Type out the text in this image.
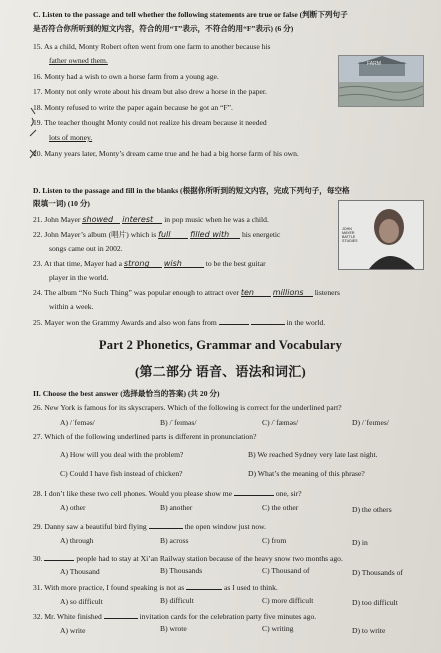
C. Listen to the passage and tell whether the following statements are true or false (判断下列句子
是否符合你所听到的短文内容，符合的用“T”表示，不符合的用“F”表示) (6 分)
15. As a child, Monty Robert often went from one farm to another because his
father owned them.
16. Monty had a wish to own a horse farm from a young age.
17. Monty not only wrote about his dream but also drew a horse in the paper.
18. Monty refused to write the paper again because he got an “F”.
19. The teacher thought Monty could not realize his dream because it needed
lots of money.
20. Many years later, Monty’s dream came true and he had a big horse farm of his own.
FARM
D. Listen to the passage and fill in the blanks (根据你所听到的短文内容，完成下列句子，每空格
限填一词) (10 分)
21. John Mayer showed interest in pop music when he was a child.
22. John Mayer’s album (唱片) which is full filled with his energetic
songs came out in 2002.
23. At that time, Mayer had a strong wish	to be the best guitar
player in the world.
24. The album “No Such Thing” was popular enough to attract over ten millions listeners
within a week.
25. Mayer won the Grammy Awards and also won fans from	in the world.
JOHN MAYER BATTLE STUDIES
Part 2 Phonetics, Grammar and Vocabulary
(第二部分 语音、语法和词汇)
II. Choose the best answer (选择最恰当的答案) (共 20 分)
26. New York is famous for its skyscrapers. Which of the following is correct for the underlined part?
A) /ˈfeməs/	B) /ˈfeɪməs/	C) /ˈfæməs/	D) /ˈfeɪmes/
27. Which of the following underlined parts is different in pronunciation?
A) How will you deal with the problem?	B) We reached Sydney very late last night.
C) Could I have fish instead of chicken?	D) What’s the meaning of this phrase?
28. I don’t like these two cell phones. Would you please show me	one, sir?
A) other	B) another	C) the other	D) the others
29. Danny saw a beautiful bird flying	the open window just now.
A) through	B) across	C) from	D) in
30.	people had to stay at Xi’an Railway station because of the heavy snow two months ago.
A) Thousand	B) Thousands	C) Thousand of	D) Thousands of
31. With more practice, I found speaking is not as	as I used to think.
A) so difficult	B) difficult	C) more difficult	D) too difficult
32. Mr. White finished	invitation cards for the celebration party five minutes ago.
A) write	B) wrote	C) writing	D) to write
